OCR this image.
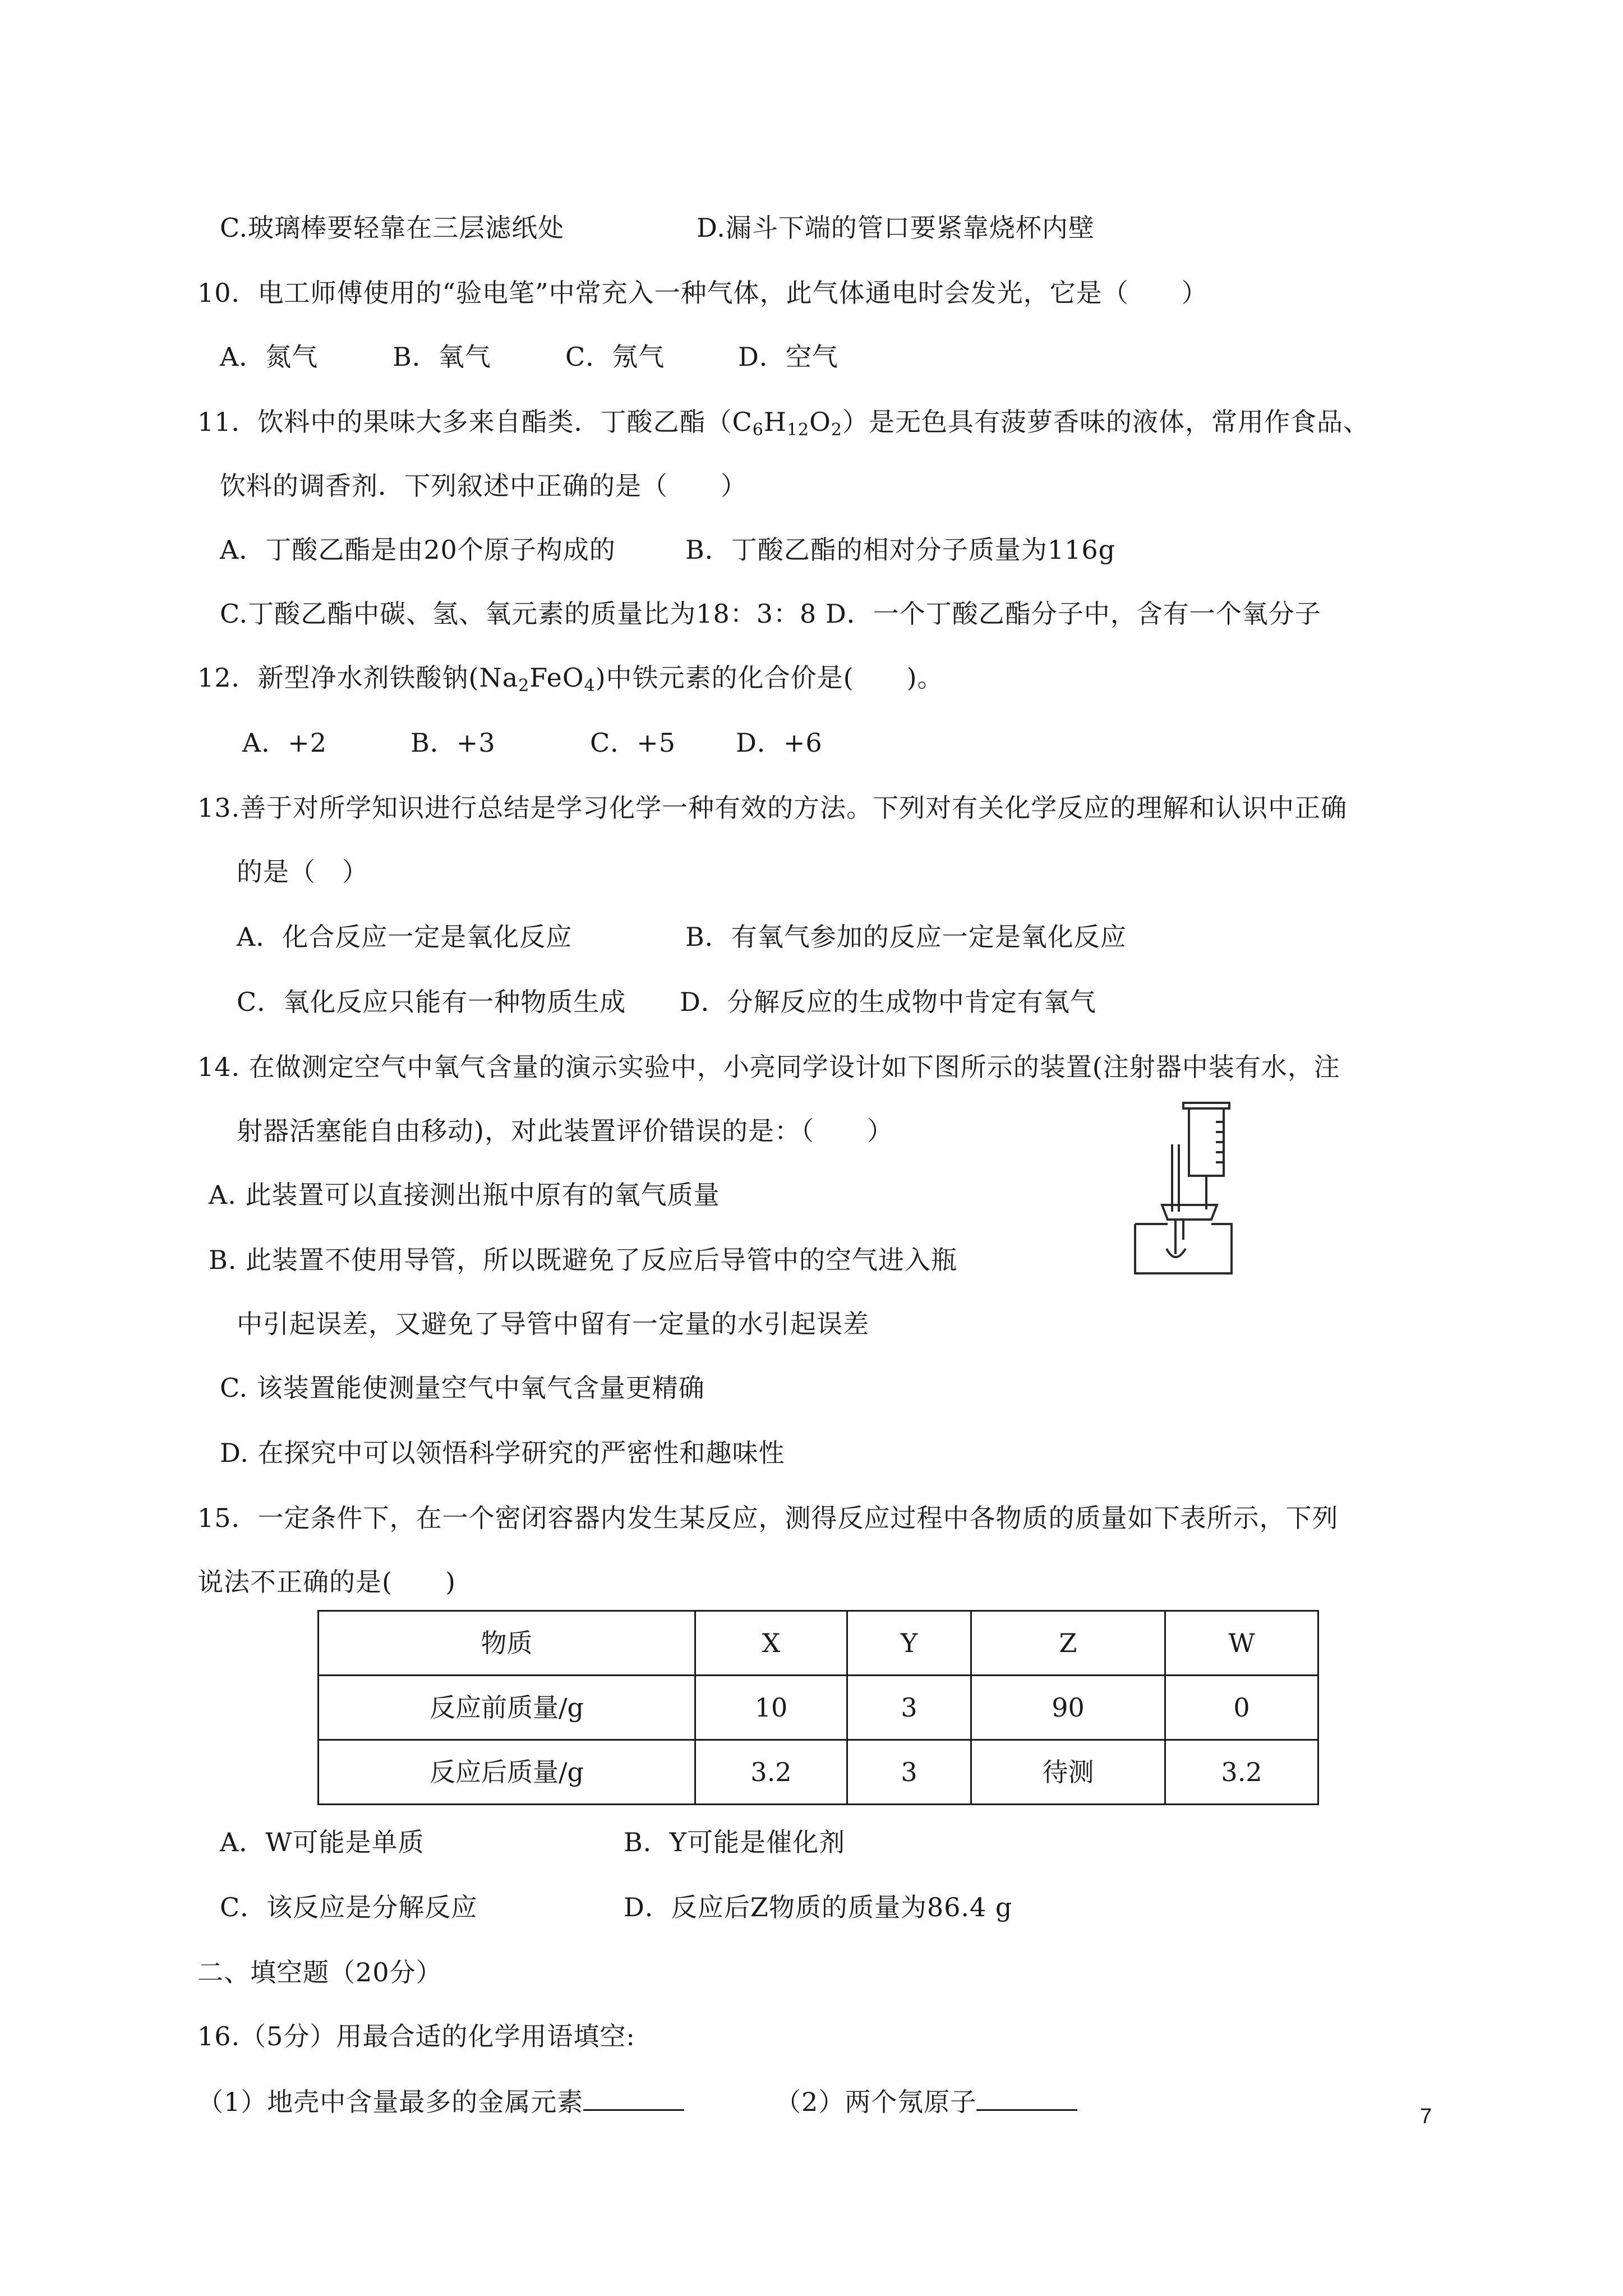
C.玻璃棒要轻靠在三层滤纸处	D.漏斗下端的管口要紧靠烧杯内壁
10．电工师傅使用的“验电笔”中常充入一种气体，此气体通电时会发光，它是（　　）
A．氮气	B．氧气	C．氖气	D．空气
11．饮料中的果味大多来自酯类．丁酸乙酯$(C_6H_{12}O_2)$是无色具有菠萝香味的液体，常用作食品、
饮料的调香剂．下列叙述中正确的是（　　）
A．丁酸乙酯是由20个原子构成的	B．丁酸乙酯的相对分子质量为116g
C.丁酸乙酯中碳、氢、氧元素的质量比为18：3：8 D．一个丁酸乙酯分子中，含有一个氧分子
12．新型净水剂铁酸钠$(Na_2FeO_4)$中铁元素的化合价是(　　)。
A．+2	B．+3	C．+5 D．+6
13.善于对所学知识进行总结是学习化学一种有效的方法。下列对有关化学反应的理解和认识中正确
的是（　）
A．化合反应一定是氧化反应	B．有氧气参加的反应一定是氧化反应
C．氧化反应只能有一种物质生成 D．分解反应的生成物中肯定有氧气
14. 在做测定空气中氧气含量的演示实验中，小亮同学设计如下图所示的装置(注射器中装有水，注
射器活塞能自由移动)，对此装置评价错误的是：（　　）
A. 此装置可以直接测出瓶中原有的氧气质量
B. 此装置不使用导管，所以既避免了反应后导管中的空气进入瓶
中引起误差，又避免了导管中留有一定量的水引起误差
C. 该装置能使测量空气中氧气含量更精确
D. 在探究中可以领悟科学研究的严密性和趣味性
15．一定条件下，在一个密闭容器内发生某反应，测得反应过程中各物质的质量如下表所示，下列
说法不正确的是(　　)
物质	X	Y	Z	W
反应前质量/g	10	3	90	0
反应后质量/g	3.2	3	待测	3.2
A．W可能是单质	B．Y可能是催化剂
C．该反应是分解反应	D．反应后Z物质的质量为86.4 g
二、填空题（20分）
16.（5分）用最合适的化学用语填空:
（1）地壳中含量最多的金属元素	（2）两个氖原子	7
